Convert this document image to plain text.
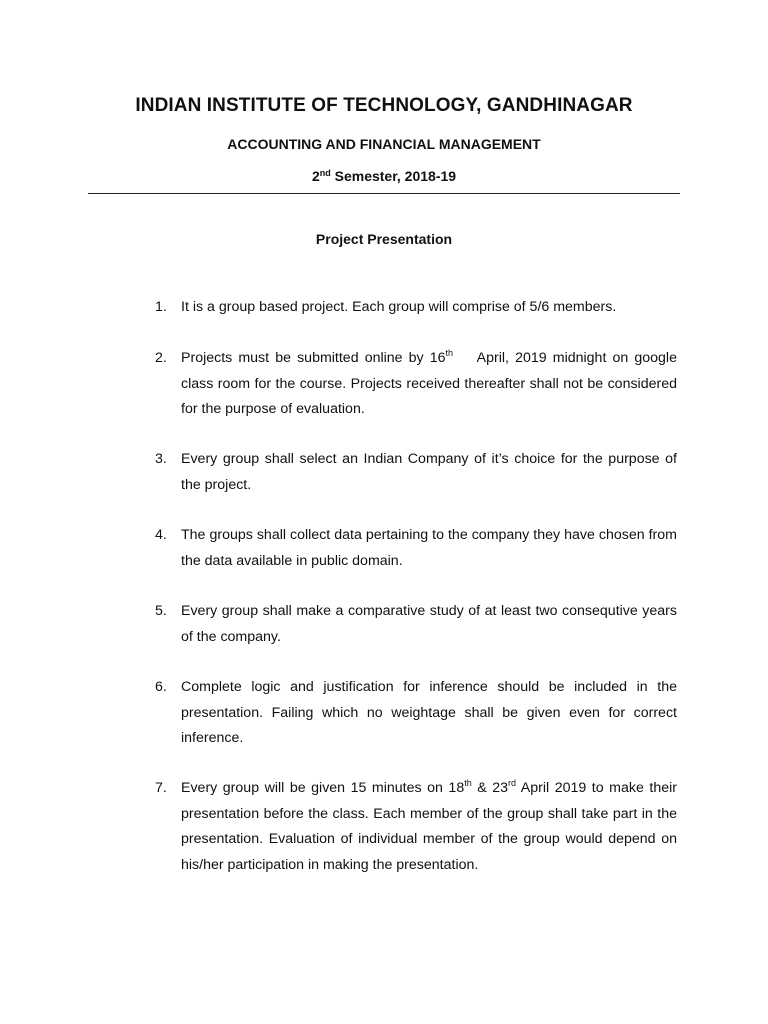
INDIAN INSTITUTE OF TECHNOLOGY, GANDHINAGAR
ACCOUNTING AND FINANCIAL MANAGEMENT
2nd Semester, 2018-19
Project Presentation
1. It is a group based project. Each group will comprise of 5/6 members.
2. Projects must be submitted online by 16th    April, 2019 midnight on google class room for the course. Projects received thereafter shall not be considered for the purpose of evaluation.
3. Every group shall select an Indian Company of it’s choice for the purpose of the project.
4. The groups shall collect data pertaining to the company they have chosen from the data available in public domain.
5. Every group shall make a comparative study of at least two consequtive years of the company.
6. Complete logic and justification for inference should be included in the presentation. Failing which no weightage shall be given even for correct inference.
7. Every group will be given 15 minutes on 18th & 23rd April 2019 to make their presentation before the class. Each member of the group shall take part in the presentation. Evaluation of individual member of the group would depend on his/her participation in making the presentation.
